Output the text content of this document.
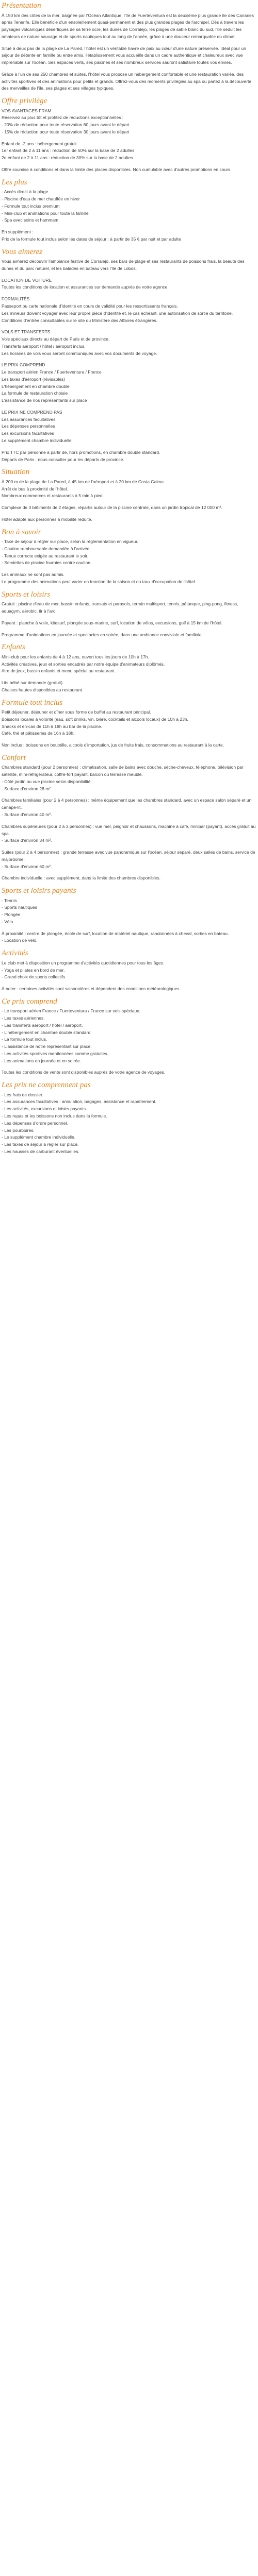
Présentation

À 150 km des côtes de la mer, baignée par l'Océan Atlantique, l'île de Fuerteventura est la deuxième plus grande île des Canaries après Tenerife. Elle bénéficie d'un ensoleillement quasi-permanent et des plus grandes plages de l'archipel. Dès à travers les paysages volcaniques désertiques de sa terre ocre, les dunes de Corralejo, les plages de sable blanc du sud, l'île séduit les amateurs de nature sauvage et de sports nautiques tout au long de l'année, grâce à une douceur remarquable du climat.

Situé à deux pas de la plage de La Pared, l'hôtel est un véritable havre de paix au cœur d'une nature préservée. Idéal pour un séjour de détente en famille ou entre amis, l'établissement vous accueille dans un cadre authentique et chaleureux avec vue imprenable sur l'océan. Ses espaces verts, ses piscines et ses nombreux services sauront satisfaire toutes vos envies.

Grâce à l'un de ses 250 chambres et suites, l'hôtel vous propose un hébergement confortable et une restauration variée, des activités sportives et des animations pour petits et grands. Offrez-vous des moments privilégiés au spa ou partez à la découverte des merveilles de l'île, ses plages et ses villages typiques.

Offre privilège

VOS AVANTAGES FRAM

Réservez au plus tôt et profitez de réductions exceptionnelles :

- 20% de réduction pour toute réservation 60 jours avant le départ

- 15% de réduction pour toute réservation 30 jours avant le départ

Enfant de -2 ans : hébergement gratuit

1er enfant de 2 à 11 ans : réduction de 50% sur la base de 2 adultes

2e enfant de 2 à 11 ans : réduction de 30% sur la base de 2 adultes

Offre soumise à conditions et dans la limite des places disponibles. Non cumulable avec d'autres promotions en cours.

Les plus

- Accès direct à la plage

- Piscine d'eau de mer chauffée en hiver

- Formule tout inclus premium

- Mini-club et animations pour toute la famille

- Spa avec soins et hammam

En supplément :

Prix de la formule tout inclus selon les dates de séjour : à partir de 35 € par nuit et par adulte

Vous aimerez

Vous aimerez découvrir l'ambiance festive de Corralejo, ses bars de plage et ses restaurants de poissons frais, la beauté des dunes et du parc naturel, et les balades en bateau vers l'île de Lobos.

LOCATION DE VOITURE

Toutes les conditions de location et assurances sur demande auprès de votre agence.

FORMALITÉS

Passeport ou carte nationale d'identité en cours de validité pour les ressortissants français.

Les mineurs doivent voyager avec leur propre pièce d'identité et, le cas échéant, une autorisation de sortie du territoire.

Conditions d'entrée consultables sur le site du Ministère des Affaires étrangères.

VOLS ET TRANSFERTS

Vols spéciaux directs au départ de Paris et de province.

Transferts aéroport / hôtel / aéroport inclus.

Les horaires de vols vous seront communiqués avec vos documents de voyage.

LE PRIX COMPREND

Le transport aérien France / Fuerteventura / France

Les taxes d'aéroport (révisables)

L'hébergement en chambre double

La formule de restauration choisie

L'assistance de nos représentants sur place

LE PRIX NE COMPREND PAS

Les assurances facultatives

Les dépenses personnelles

Les excursions facultatives

Le supplément chambre individuelle

Prix TTC par personne à partir de, hors promotions, en chambre double standard.

Départs de Paris : nous consulter pour les départs de province.

Situation

À 200 m de la plage de La Pared, à 45 km de l'aéroport et à 20 km de Costa Calma.

Arrêt de bus à proximité de l'hôtel.

Nombreux commerces et restaurants à 5 min à pied.

Complexe de 3 bâtiments de 2 étages, répartis autour de la piscine centrale, dans un jardin tropical de 12 000 m².

Hôtel adapté aux personnes à mobilité réduite.

Bon à savoir

- Taxe de séjour à régler sur place, selon la réglementation en vigueur.

- Caution remboursable demandée à l'arrivée.

- Tenue correcte exigée au restaurant le soir.

- Serviettes de piscine fournies contre caution.

Les animaux ne sont pas admis.

Le programme des animations peut varier en fonction de la saison et du taux d'occupation de l'hôtel.

Sports et loisirs

Gratuit : piscine d'eau de mer, bassin enfants, transats et parasols, terrain multisport, tennis, pétanque, ping-pong, fitness, aquagym, aérobic, tir à l'arc.

Payant : planche à voile, kitesurf, plongée sous-marine, surf, location de vélos, excursions, golf à 15 km de l'hôtel.

Programme d'animations en journée et spectacles en soirée, dans une ambiance conviviale et familiale.

Enfants

Mini-club pour les enfants de 4 à 12 ans, ouvert tous les jours de 10h à 17h.

Activités créatives, jeux et sorties encadrés par notre équipe d'animateurs diplômés.

Aire de jeux, bassin enfants et menu spécial au restaurant.

Lits bébé sur demande (gratuit).

Chaises hautes disponibles au restaurant.

Formule tout inclus

Petit déjeuner, déjeuner et dîner sous forme de buffet au restaurant principal.

Boissons locales à volonté (eau, soft drinks, vin, bière, cocktails et alcools locaux) de 10h à 23h.

Snacks et en-cas de 11h à 18h au bar de la piscine.

Café, thé et pâtisseries de 16h à 18h.

Non inclus : boissons en bouteille, alcools d'importation, jus de fruits frais, consommations au restaurant à la carte.

Confort

Chambres standard (pour 2 personnes) : climatisation, salle de bains avec douche, sèche-cheveux, téléphone, télévision par satellite, mini-réfrigérateur, coffre-fort payant, balcon ou terrasse meublé.

- Côté jardin ou vue piscine selon disponibilité.

- Surface d'environ 28 m².

Chambres familiales (pour 2 à 4 personnes) : même équipement que les chambres standard, avec un espace salon séparé et un canapé-lit.

- Surface d'environ 40 m².

Chambres supérieures (pour 2 à 3 personnes) : vue mer, peignoir et chaussons, machine à café, minibar (payant), accès gratuit au spa.

- Surface d'environ 34 m².

Suites (pour 2 à 4 personnes) : grande terrasse avec vue panoramique sur l'océan, séjour séparé, deux salles de bains, service de majordome.

- Surface d'environ 60 m².

Chambre individuelle : avec supplément, dans la limite des chambres disponibles.

Sports et loisirs payants

- Tennis

- Sports nautiques

- Plongée

- Vélo

À proximité : centre de plongée, école de surf, location de matériel nautique, randonnées à cheval, sorties en bateau.

- Location de vélo.

Activités

Le club met à disposition un programme d'activités quotidiennes pour tous les âges.

- Yoga et pilates en bord de mer.

- Grand choix de sports collectifs.

À noter : certaines activités sont saisonnières et dépendent des conditions météorologiques.

Ce prix comprend

- Le transport aérien France / Fuerteventura / France sur vols spéciaux.

- Les taxes aériennes.

- Les transferts aéroport / hôtel / aéroport.

- L'hébergement en chambre double standard.

- La formule tout inclus.

- L'assistance de notre représentant sur place.

- Les activités sportives mentionnées comme gratuites.

- Les animations en journée et en soirée.

Toutes les conditions de vente sont disponibles auprès de votre agence de voyages.

Les prix ne comprennent pas

- Les frais de dossier.

- Les assurances facultatives : annulation, bagages, assistance et rapatriement.

- Les activités, excursions et loisirs payants.

- Les repas et les boissons non inclus dans la formule.

- Les dépenses d'ordre personnel.

- Les pourboires.

- Le supplément chambre individuelle.

- Les taxes de séjour à régler sur place.

- Les hausses de carburant éventuelles.
